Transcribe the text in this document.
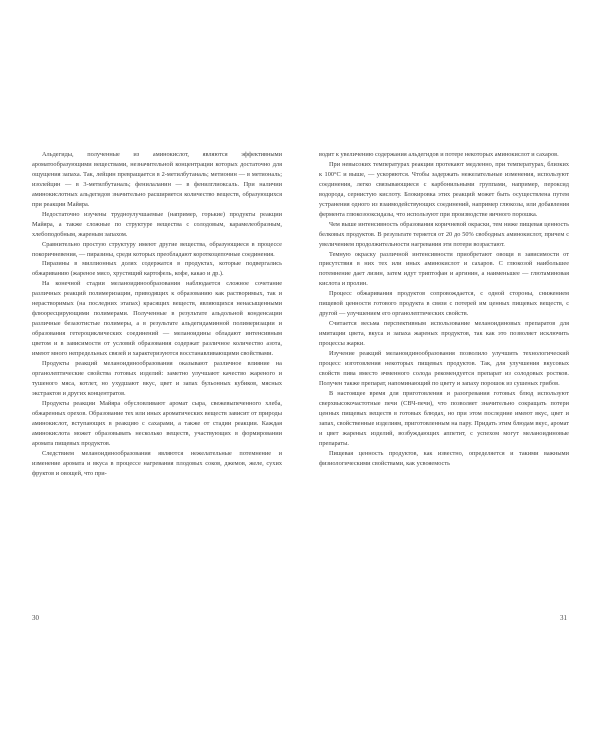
Альдегиды, полученные из аминокислот, являются эффективными ароматообразующими веществами, незначительной концентрации которых достаточно для ощущения запаха. Так, лейцин превращается в 2-метилбутаналь; метионин — в метиональ; изолейцин — в 3-метилбутаналь; фенилаланин — в фенилглиоксаль. При наличии аминокислотных альдегидов значительно расширяется количество веществ, образующихся при реакции Майяра.

Недостаточно изучены трудноулучшаемые (например, горькие) продукты реакции Майяра, а также сложные по структуре вещества с солодовым, карамелеобразным, хлебоподобным, жареным запахом.

Сравнительно простую структуру имеют другие вещества, образующиеся в процессе покоричневения, — пиразины, среди которых преобладают короткоцепочные соединения.

Пиразины в миллионных долях содержатся в продуктах, которые подвергались обжариванию (жареное мясо, хрустящий картофель, кофе, какао и др.).

На конечной стадии меланоидинообразования наблюдается сложное сочетание различных реакций полимеризации, приводящих к образованию как растворимых, так и нерастворимых (на последних этапах) красящих веществ, являющихся ненасыщенными флюоресцирующими полимерами. Полученные в результате альдольной конденсации различные безазотистые полимеры, а в результате альдегидаминной полимеризации и образования гетероциклических соединений — меланоидины обладают интенсивным цветом и в зависимости от условий образования содержат различное количество азота, имеют много непредельных связей и характеризуются восстанавливающими свойствами.

Продукты реакций меланоидинообразования оказывают различное влияние на органолептические свойства готовых изделий: заметно улучшают качество жареного и тушеного мяса, котлет, но ухудшают вкус, цвет и запах бульонных кубиков, мясных экстрактов и других концентратов.

Продукты реакции Майяра обусловливают аромат сыра, свежевыпеченного хлеба, обжаренных орехов. Образование тех или иных ароматических веществ зависит от природы аминокислот, вступающих в реакцию с сахарами, а также от стадии реакции. Каждая аминокислота может образовывать несколько веществ, участвующих в формировании аромата пищевых продуктов.

Следствием меланоидинообразования являются нежелательные потемнение и изменение аромата и вкуса в процессе нагревания плодовых соков, джемов, желе, сухих фруктов и овощей, что при-

водит к увеличению содержания альдегидов и потере некоторых аминокислот и сахаров.

При невысоких температурах реакции протекают медленно, при температурах, близких к 100°С и выше, — ускоряются. Чтобы задержать нежелательные изменения, используют соединения, легко связывающиеся с карбонильными группами, например, пероксид водорода, сернистую кислоту. Блокировка этих реакций может быть осуществлена путем устранения одного из взаимодействующих соединений, например глюкозы, или добавления фермента глюкозооксидазы, что используют при производстве яичного порошка.

Чем выше интенсивность образования коричневой окраски, тем ниже пищевая ценность белковых продуктов. В результате теряется от 20 до 50% свободных аминокислот, причем с увеличением продолжительности нагревания эти потери возрастают.

Темную окраску различной интенсивности приобретают овощи в зависимости от присутствия в них тех или иных аминокислот и сахаров. С глюкозой наибольшее потемнение дает лизин, затем идут триптофан и аргинин, а наименьшее — глютаминовая кислота и пролин.

Процесс обжаривания продуктов сопровождается, с одной стороны, снижением пищевой ценности готового продукта в связи с потерей им ценных пищевых веществ, с другой — улучшением его органолептических свойств.

Считается весьма перспективным использование меланоидиновых препаратов для имитации цвета, вкуса и запаха жареных продуктов, так как это позволяет исключить процессы жарки.

Изучение реакций меланоидинообразования позволило улучшить технологический процесс изготовления некоторых пищевых продуктов. Так, для улучшения вкусовых свойств пива вместо ячменного солода рекомендуется препарат из солодовых ростков. Получен также препарат, напоминающий по цвету и запаху порошок из сушеных грибов.

В настоящее время для приготовления и разогревания готовых блюд используют сверхвысокочастотные печи (СВЧ-печи), что позволяет значительно сокращать потери ценных пищевых веществ в готовых блюдах, но при этом последние имеют вкус, цвет и запах, свойственные изделиям, приготовленным на пару. Придать этим блюдам вкус, аромат и цвет жареных изделий, возбуждающих аппетит, с успехом могут меланоидиновые препараты.

Пищевая ценность продуктов, как известно, определяется и такими важными физиологическими свойствами, как усвояемость

30	31
